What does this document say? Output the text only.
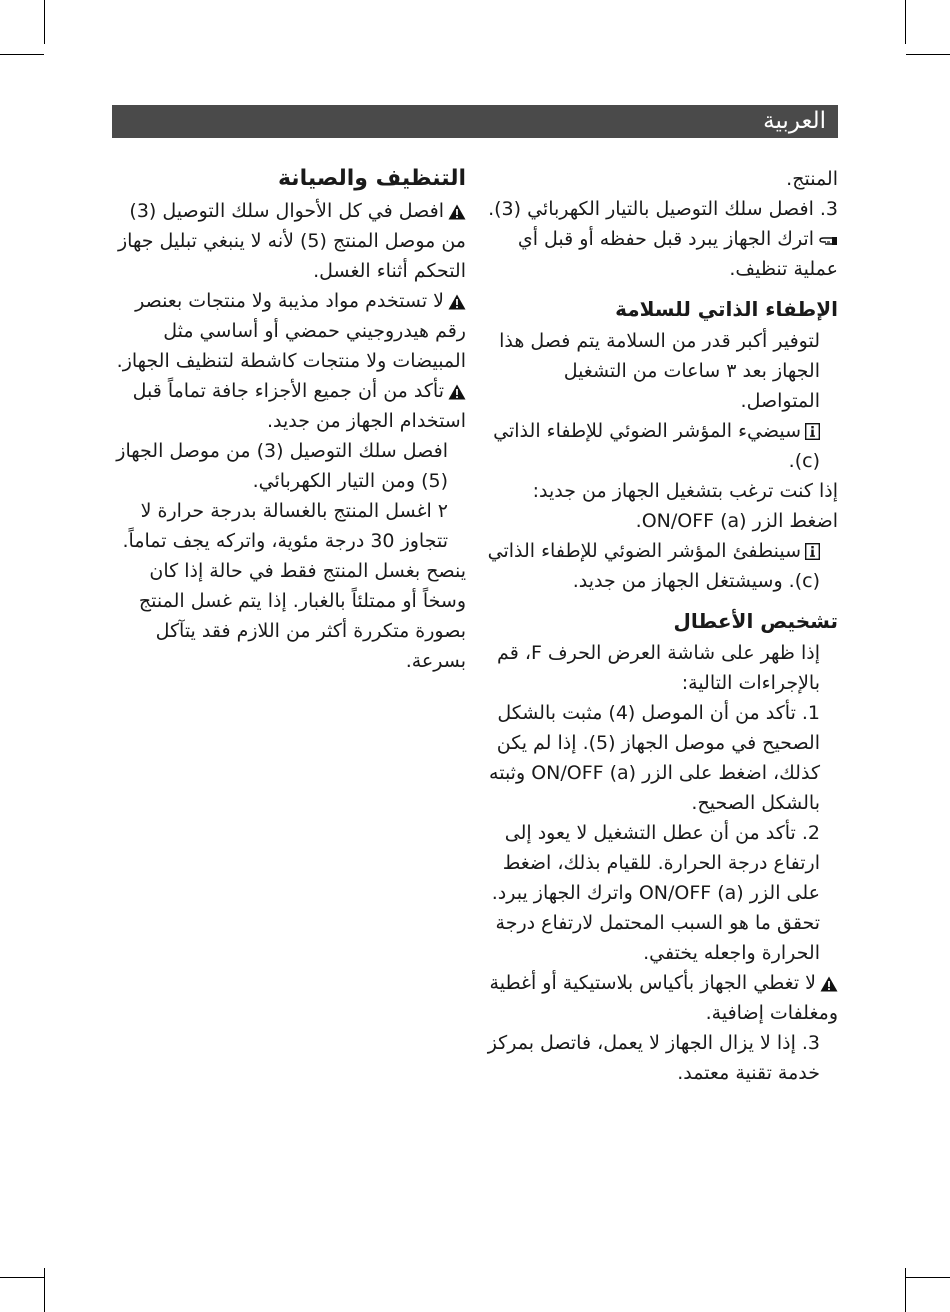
العربية

المنتج.

3.افصل سلك التوصيل بالتيار الكهربائي (3).

اترك الجهاز يبرد قبل حفظه أو قبل أي عملية تنظيف.

الإطفاء الذاتي للسلامة

لتوفير أكبر قدر من السلامة يتم فصل هذا الجهاز بعد ٣ ساعات من التشغيل المتواصل.

سيضيء المؤشر الضوئي للإطفاء الذاتي (c).

إذا كنت ترغب بتشغيل الجهاز من جديد: اضغط الزر ON/OFF (a).

سينطفئ المؤشر الضوئي للإطفاء الذاتي (c). وسيشتغل الجهاز من جديد.

تشخيص الأعطال

إذا ظهر على شاشة العرض الحرف F، قم بالإجراءات التالية:

1.تأكد من أن الموصل (4) مثبت بالشكل الصحيح في موصل الجهاز (5). إذا لم يكن كذلك، اضغط على الزر ON/OFF (a) وثبته بالشكل الصحيح.

2.تأكد من أن عطل التشغيل لا يعود إلى ارتفاع درجة الحرارة. للقيام بذلك، اضغط على الزر ON/OFF (a) واترك الجهاز يبرد. تحقق ما هو السبب المحتمل لارتفاع درجة الحرارة واجعله يختفي.

لا تغطي الجهاز بأكياس بلاستيكية أو أغطية ومغلفات إضافية.

3.إذا لا يزال الجهاز لا يعمل، فاتصل بمركز خدمة تقنية معتمد.

التنظيف والصيانة

افصل في كل الأحوال سلك التوصيل (3) من موصل المنتج (5) لأنه لا ينبغي تبليل جهاز التحكم أثناء الغسل.

لا تستخدم مواد مذيبة ولا منتجات بعنصر رقم هيدروجيني حمضي أو أساسي مثل المبيضات ولا منتجات كاشطة لتنظيف الجهاز.

تأكد من أن جميع الأجزاء جافة تماماً قبل استخدام الجهاز من جديد.

افصل سلك التوصيل (3) من موصل الجهاز (5) ومن التيار الكهربائي.

٢اغسل المنتج بالغسالة بدرجة حرارة لا تتجاوز 30 درجة مئوية، واتركه يجف تماماً.

ينصح بغسل المنتج فقط في حالة إذا كان وسخاً أو ممتلئاً بالغبار. إذا يتم غسل المنتج بصورة متكررة أكثر من اللازم فقد يتآكل بسرعة.
